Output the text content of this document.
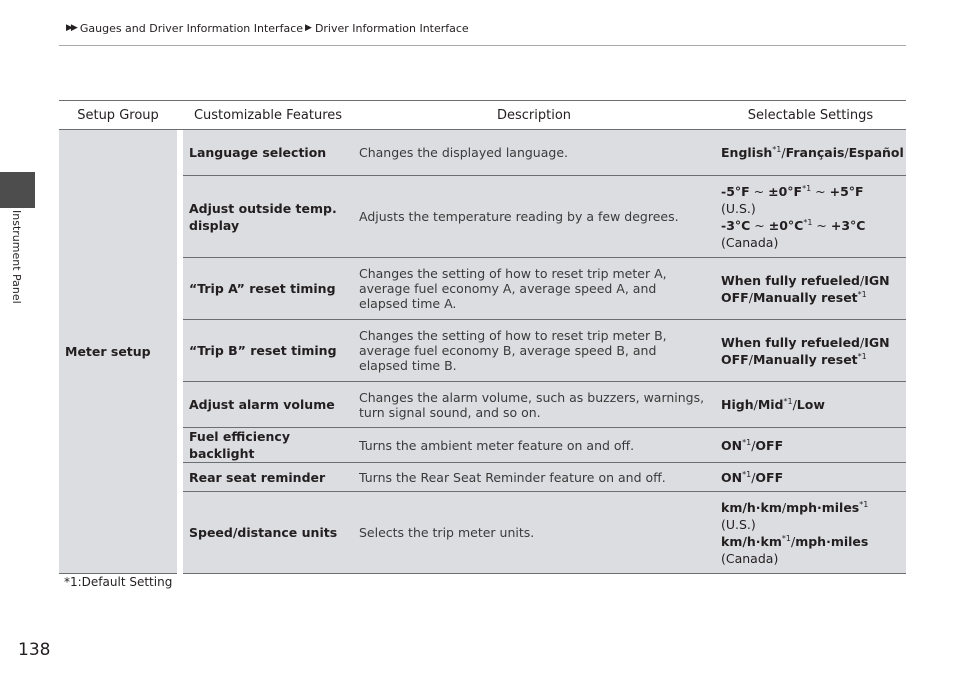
Instrument Panel
▶▶ Gauges and Driver Information Interface ▶ Driver Information Interface
Setup Group		Customizable Features	Description	Selectable Settings
Meter setup		Language selection	Changes the displayed language.	English$^{*1}$/Français/Español
		Adjust outside temp. display	Adjusts the temperature reading by a few degrees.	-5°F ~ $\pm 0^\circ F^{*1}$ ~ +5°F
(U.S.)
-3°C ~ $\pm 0^\circ C^{*1}$ ~ +3°C
(Canada)

		“Trip A” reset timing	Changes the setting of how to reset trip meter A, average fuel economy A, average speed A, and elapsed time A.	When fully refueled/IGN OFF/Manually reset$^{*1}$
		“Trip B” reset timing	Changes the setting of how to reset trip meter B, average fuel economy B, average speed B, and elapsed time B.	When fully refueled/IGN OFF/Manually reset$^{*1}$
		Adjust alarm volume	Changes the alarm volume, such as buzzers, warnings, turn signal sound, and so on.	High/Mid$^{*1}$/Low
		Fuel efficiency backlight	Turns the ambient meter feature on and off.	ON$^{*1}$/OFF
		Rear seat reminder	Turns the Rear Seat Reminder feature on and off.	ON$^{*1}$/OFF
		Speed/distance units	Selects the trip meter units.	km/h·km/mph·miles$^{*1}$
(U.S.)
$km/h\cdot km^{*1}/mph\cdot miles$
(Canada)
*1:Default Setting
138
